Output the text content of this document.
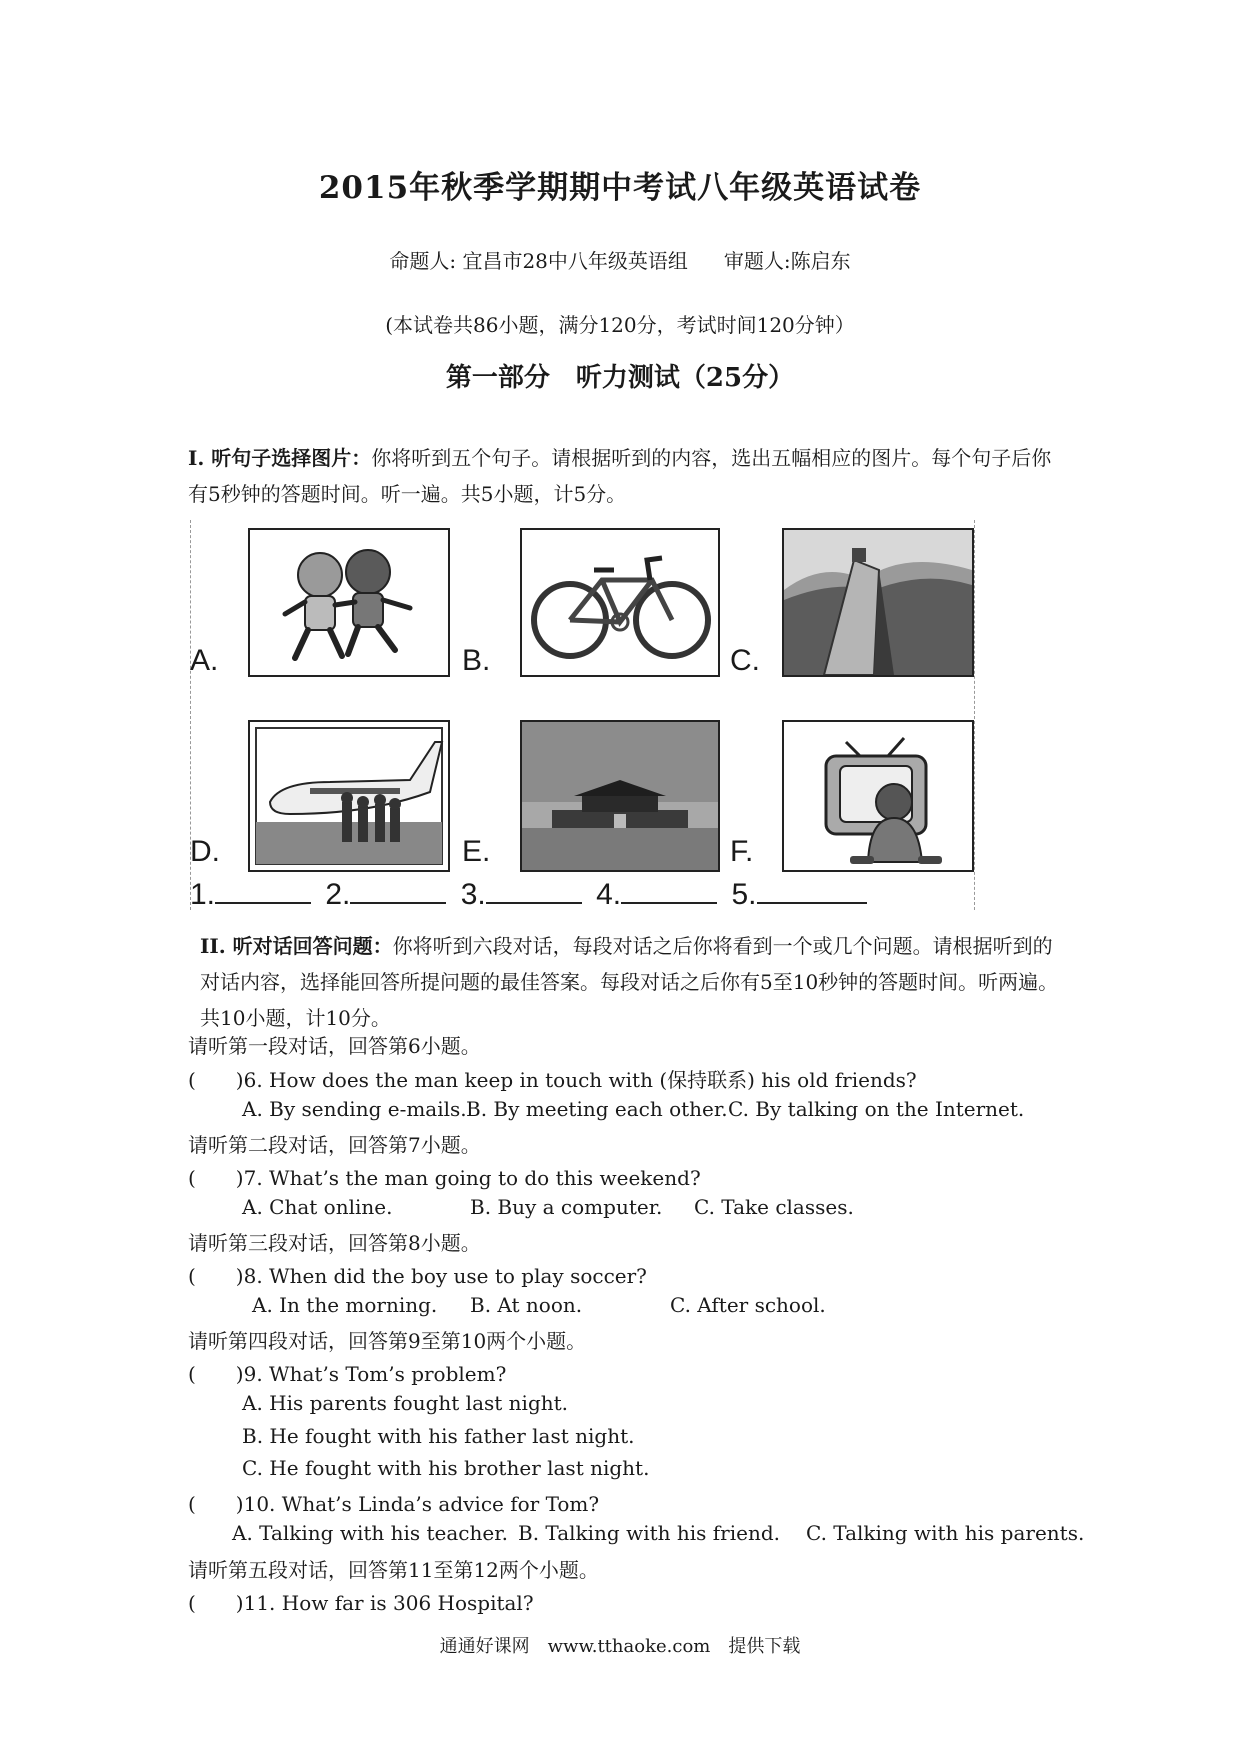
2015年秋季学期期中考试八年级英语试卷
命题人: 宜昌市28中八年级英语组 审题人:陈启东
(本试卷共86小题，满分120分，考试时间120分钟）
第一部分　听力测试（25分）
I. 听句子选择图片：你将听到五个句子。请根据听到的内容，选出五幅相应的图片。每个句子后你有5秒钟的答题时间。听一遍。共5小题，计5分。
A.	B.	C.
D.	E.	F.
1.	2.	3.	4.	5.
II. 听对话回答问题：你将听到六段对话，每段对话之后你将看到一个或几个问题。请根据听到的对话内容，选择能回答所提问题的最佳答案。每段对话之后你有5至10秒钟的答题时间。听两遍。共10小题，计10分。
请听第一段对话，回答第6小题。
(　　)6. How does the man keep in touch with (保持联系) his old friends?
A. By sending e-mails.B. By meeting each other.C. By talking on the Internet.
请听第二段对话，回答第7小题。
(　　)7. What’s the man going to do this weekend?
A. Chat online.	B. Buy a computer. C. Take classes.
请听第三段对话，回答第8小题。
(　　)8. When did the boy use to play soccer?
A. In the morning. B. At noon.	C. After school.
请听第四段对话，回答第9至第10两个小题。
(　　)9. What’s Tom’s problem?
A. His parents fought last night.
B. He fought with his father last night.
C. He fought with his brother last night.
(　　)10. What’s Linda’s advice for Tom?
A. Talking with his teacher. B. Talking with his friend. C. Talking with his parents.
请听第五段对话，回答第11至第12两个小题。
(　　)11. How far is 306 Hospital?
通通好课网　www.tthaoke.com　提供下载
